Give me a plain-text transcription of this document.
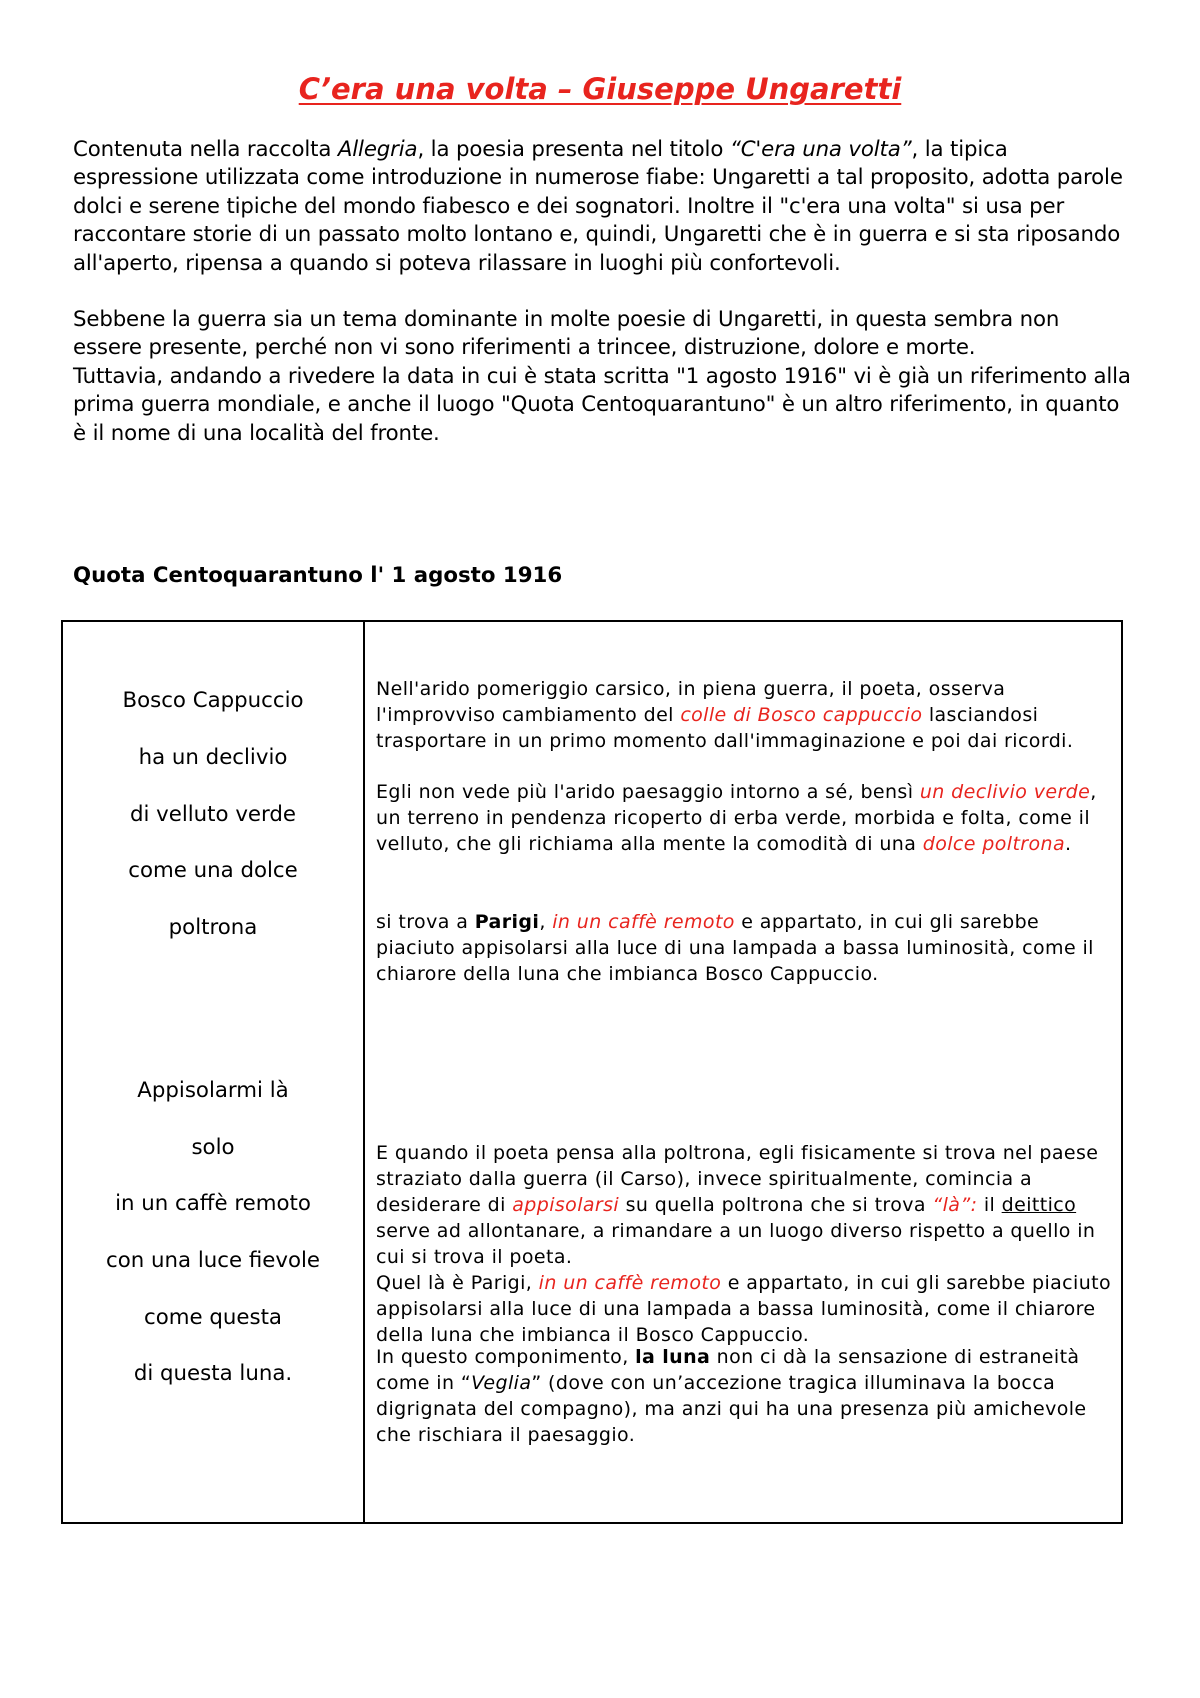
C’era una volta – Giuseppe Ungaretti

Contenuta nella raccolta Allegria, la poesia presenta nel titolo “C'era una volta”, la tipica espressione utilizzata come introduzione in numerose fiabe: Ungaretti a tal proposito, adotta parole dolci e serene tipiche del mondo fiabesco e dei sognatori. Inoltre il "c'era una volta" si usa per raccontare storie di un passato molto lontano e, quindi, Ungaretti che è in guerra e si sta riposando all'aperto, ripensa a quando si poteva rilassare in luoghi più confortevoli.

Sebbene la guerra sia un tema dominante in molte poesie di Ungaretti, in questa sembra non essere presente, perché non vi sono riferimenti a trincee, distruzione, dolore e morte.
Tuttavia, andando a rivedere la data in cui è stata scritta "1 agosto 1916" vi è già un riferimento alla prima guerra mondiale, e anche il luogo "Quota Centoquarantuno" è un altro riferimento, in quanto è il nome di una località del fronte.

Quota Centoquarantuno l' 1 agosto 1916
Bosco Cappuccio
ha un declivio
di velluto verde
come una dolce
poltrona
Appisolarmi là
solo
in un caffè remoto
con una luce fievole
come questa
di questa luna.

Nell'arido pomeriggio carsico, in piena guerra, il poeta, osserva l'improvviso cambiamento del colle di Bosco cappuccio lasciandosi trasportare in un primo momento dall'immaginazione e poi dai ricordi.

Egli non vede più l'arido paesaggio intorno a sé, bensì un declivio verde, un terreno in pendenza ricoperto di erba verde, morbida e folta, come il velluto, che gli richiama alla mente la comodità di una dolce poltrona.

si trova a Parigi, in un caffè remoto e appartato, in cui gli sarebbe piaciuto appisolarsi alla luce di una lampada a bassa luminosità, come il chiarore della luna che imbianca Bosco Cappuccio.

E quando il poeta pensa alla poltrona, egli fisicamente si trova nel paese straziato dalla guerra (il Carso), invece spiritualmente, comincia a desiderare di appisolarsi su quella poltrona che si trova “là”: il deittico serve ad allontanare, a rimandare a un luogo diverso rispetto a quello in cui si trova il poeta.
Quel là è Parigi, in un caffè remoto e appartato, in cui gli sarebbe piaciuto appisolarsi alla luce di una lampada a bassa luminosità, come il chiarore della luna che imbianca il Bosco Cappuccio.

In questo componimento, la luna non ci dà la sensazione di estraneità come in “Veglia” (dove con un’accezione tragica illuminava la bocca digrignata del compagno), ma anzi qui ha una presenza più amichevole che rischiara il paesaggio.
